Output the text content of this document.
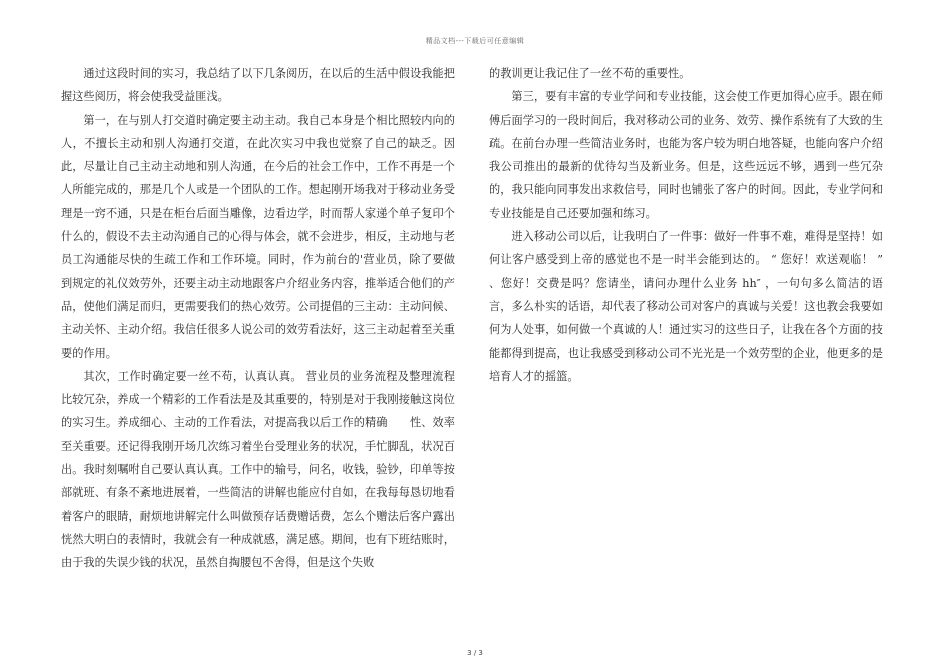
精品文档---下载后可任意编辑

通过这段时间的实习，我总结了以下几条阅历，在以后的生活中假设我能把握这些阅历，将会使我受益匪浅。

第一，在与别人打交道时确定要主动主动。我自己本身是个相比照较内向的人，不擅长主动和别人沟通打交道，在此次实习中我也觉察了自己的缺乏。因此，尽量让自己主动主动地和别人沟通，在今后的社会工作中，工作不再是一个人所能完成的，那是几个人或是一个团队的工作。想起刚开场我对于移动业务受理是一窍不通，只是在柜台后面当雕像，边看边学，时而帮人家递个单子复印个什么的，假设不去主动沟通自己的心得与体会，就不会进步，相反，主动地与老员工沟通能尽快的生疏工作和工作环境。同时，作为前台的'营业员，除了要做到规定的礼仪效劳外，还要主动主动地跟客户介绍业务内容，推举适合他们的产品，使他们满足而归，更需要我们的热心效劳。公司提倡的三主动：主动问候、主动关怀、主动介绍。我信任很多人说公司的效劳看法好，这三主动起着至关重要的作用。

其次，工作时确定要一丝不苟，认真认真。 营业员的业务流程及整理流程比较冗杂，养成一个精彩的工作看法是及其重要的，特别是对于我刚接触这岗位的实习生。养成细心、主动的工作看法，对提高我以后工作的精确　　性、效率至关重要。还记得我刚开场几次练习着坐台受理业务的状况，手忙脚乱，状况百出。我时刻嘱咐自己要认真认真。工作中的输号，问名，收钱，验钞，印单等按部就班、有条不紊地进展着，一些简洁的讲解也能应付自如，在我每每恳切地看着客户的眼睛，耐烦地讲解完什么叫做预存话费赠话费，怎么个赠法后客户露出恍然大明白的表情时，我就会有一种成就感，满足感。期间，也有下班结账时，由于我的失误少钱的状况，虽然自掏腰包不舍得，但是这个失败

的教训更让我记住了一丝不苟的重要性。

第三，要有丰富的专业学问和专业技能，这会使工作更加得心应手。跟在师傅后面学习的一段时间后，我对移动公司的业务、效劳、操作系统有了大致的生疏。在前台办理一些简洁业务时，也能为客户较为明白地答疑，也能向客户介绍我公司推出的最新的优待勾当及新业务。但是，这些远远不够，遇到一些冗杂的，我只能向同事发出求救信号，同时也铺张了客户的时间。因此，专业学问和专业技能是自己还要加强和练习。

进入移动公司以后，让我明白了一件事：做好一件事不难，难得是坚持！如何让客户感受到上帝的感觉也不是一时半会能到达的。 “ 您好！欢送观临！ ” 、您好！交费是吗？您请坐，请问办理什么业务 hh″ ，一句句多么简洁的语言，多么朴实的话语，却代表了移动公司对客户的真诚与关爱！这也教会我要如何为人处事，如何做一个真诚的人！通过实习的这些日子，让我在各个方面的技能都得到提高，也让我感受到移动公司不光光是一个效劳型的企业，他更多的是培育人才的摇篮。

3 / 3
